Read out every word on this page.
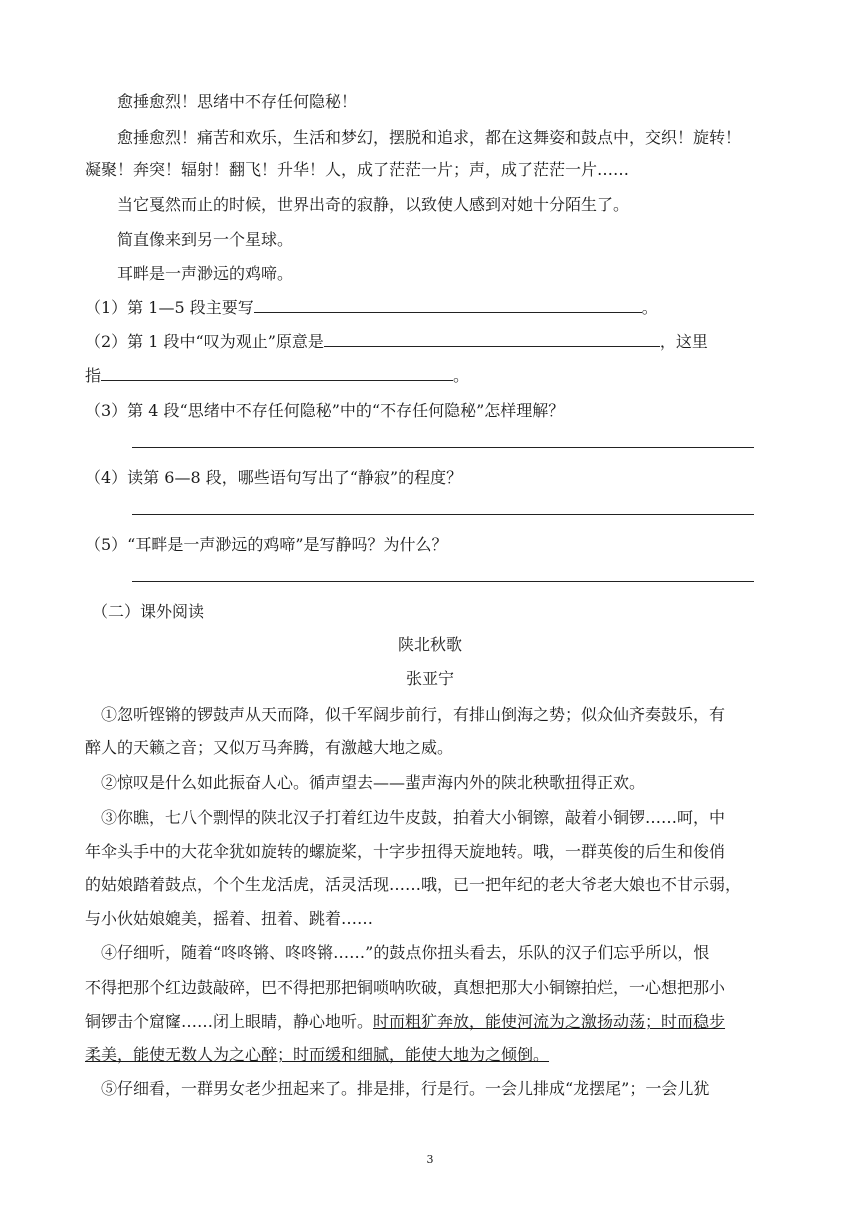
愈捶愈烈！思绪中不存任何隐秘！
愈捶愈烈！痛苦和欢乐，生活和梦幻，摆脱和追求，都在这舞姿和鼓点中，交织！旋转！
凝聚！奔突！辐射！翻飞！升华！人，成了茫茫一片；声，成了茫茫一片……
当它戛然而止的时候，世界出奇的寂静，以致使人感到对她十分陌生了。
简直像来到另一个星球。
耳畔是一声渺远的鸡啼。
（1）第 1—5 段主要写	。
（2）第 1 段中“叹为观止”原意是	，这里
指	。
（3）第 4 段“思绪中不存任何隐秘”中的“不存任何隐秘”怎样理解？
（4）读第 6—8 段，哪些语句写出了“静寂”的程度？
（5）“耳畔是一声渺远的鸡啼”是写静吗？为什么？
（二）课外阅读
陕北秋歌
张亚宁
①忽听铿锵的锣鼓声从天而降，似千军阔步前行，有排山倒海之势；似众仙齐奏鼓乐，有
醉人的天籁之音；又似万马奔腾，有激越大地之威。
②惊叹是什么如此振奋人心。循声望去——蜚声海内外的陕北秧歌扭得正欢。
③你瞧，七八个剽悍的陕北汉子打着红边牛皮鼓，拍着大小铜镲，敲着小铜锣……呵，中
年伞头手中的大花伞犹如旋转的螺旋桨，十字步扭得天旋地转。哦，一群英俊的后生和俊俏
的姑娘踏着鼓点，个个生龙活虎，活灵活现……哦，已一把年纪的老大爷老大娘也不甘示弱，
与小伙姑娘媲美，摇着、扭着、跳着……
④仔细听，随着“咚咚锵、咚咚锵……”的鼓点你扭头看去，乐队的汉子们忘乎所以，恨
不得把那个红边鼓敲碎，巴不得把那把铜唢呐吹破，真想把那大小铜镲拍烂，一心想把那小
铜锣击个窟窿……闭上眼睛，静心地听。时而粗犷奔放，能使河流为之激扬动荡；时而稳步
柔美，能使无数人为之心醉；时而缓和细腻，能使大地为之倾倒。
⑤仔细看，一群男女老少扭起来了。排是排，行是行。一会儿排成“龙摆尾”；一会儿犹
3
